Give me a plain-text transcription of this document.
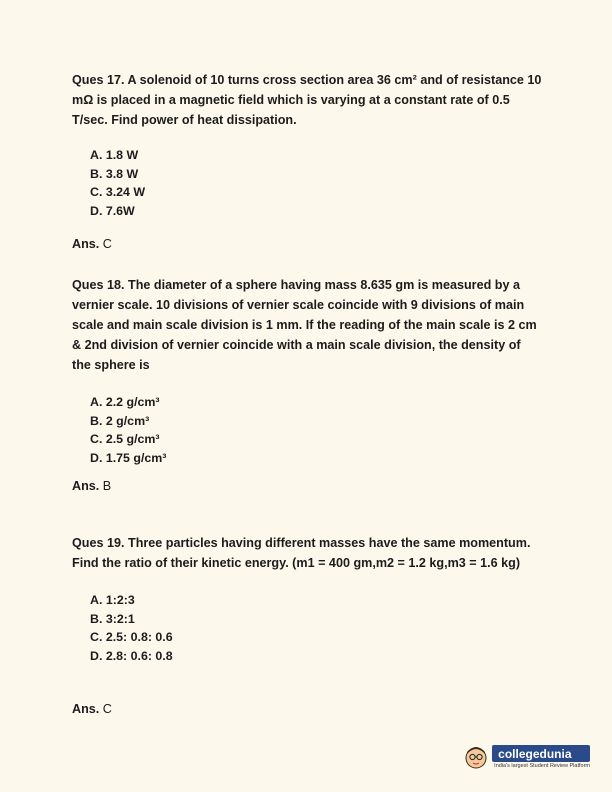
Ques 17. A solenoid of 10 turns cross section area 36 cm² and of resistance 10 mΩ is placed in a magnetic field which is varying at a constant rate of 0.5 T/sec. Find power of heat dissipation.

A. 1.8 W
B. 3.8 W
C. 3.24 W
D. 7.6W
Ans. C

Ques 18. The diameter of a sphere having mass 8.635 gm is measured by a vernier scale. 10 divisions of vernier scale coincide with 9 divisions of main scale and main scale division is 1 mm. If the reading of the main scale is 2 cm & 2nd division of vernier coincide with a main scale division, the density of the sphere is

A. 2.2 g/cm³
B. 2 g/cm³
C. 2.5 g/cm³
D. 1.75 g/cm³
Ans. B

Ques 19. Three particles having different masses have the same momentum. Find the ratio of their kinetic energy. (m1 = 400 gm,m2 = 1.2 kg,m3 = 1.6 kg)

A. 1:2:3
B. 3:2:1
C. 2.5: 0.8: 0.6
D. 2.8: 0.6: 0.8
Ans. C
collegedunia
India's largest Student Review Platform
